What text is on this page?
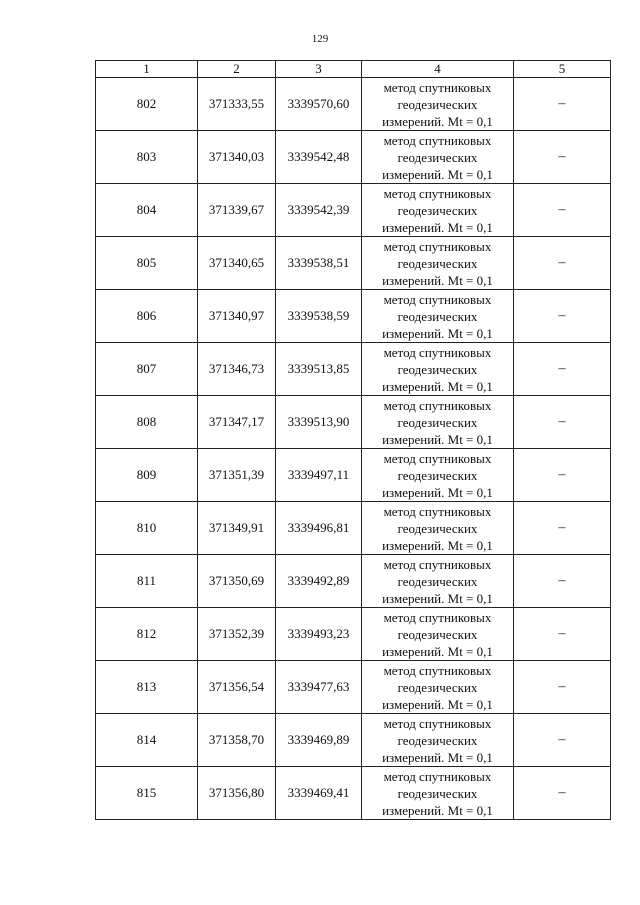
129
1	2	3	4	5
802	371333,55	3339570,60	метод спутниковых
геодезических
измерений. Mt = 0,1	–
803	371340,03	3339542,48	метод спутниковых
геодезических
измерений. Mt = 0,1	–
804	371339,67	3339542,39	метод спутниковых
геодезических
измерений. Mt = 0,1	–
805	371340,65	3339538,51	метод спутниковых
геодезических
измерений. Mt = 0,1	–
806	371340,97	3339538,59	метод спутниковых
геодезических
измерений. Mt = 0,1	–
807	371346,73	3339513,85	метод спутниковых
геодезических
измерений. Mt = 0,1	–
808	371347,17	3339513,90	метод спутниковых
геодезических
измерений. Mt = 0,1	–
809	371351,39	3339497,11	метод спутниковых
геодезических
измерений. Mt = 0,1	–
810	371349,91	3339496,81	метод спутниковых
геодезических
измерений. Mt = 0,1	–
811	371350,69	3339492,89	метод спутниковых
геодезических
измерений. Mt = 0,1	–
812	371352,39	3339493,23	метод спутниковых
геодезических
измерений. Mt = 0,1	–
813	371356,54	3339477,63	метод спутниковых
геодезических
измерений. Mt = 0,1	–
814	371358,70	3339469,89	метод спутниковых
геодезических
измерений. Mt = 0,1	–
815	371356,80	3339469,41	метод спутниковых
геодезических
измерений. Mt = 0,1	–
